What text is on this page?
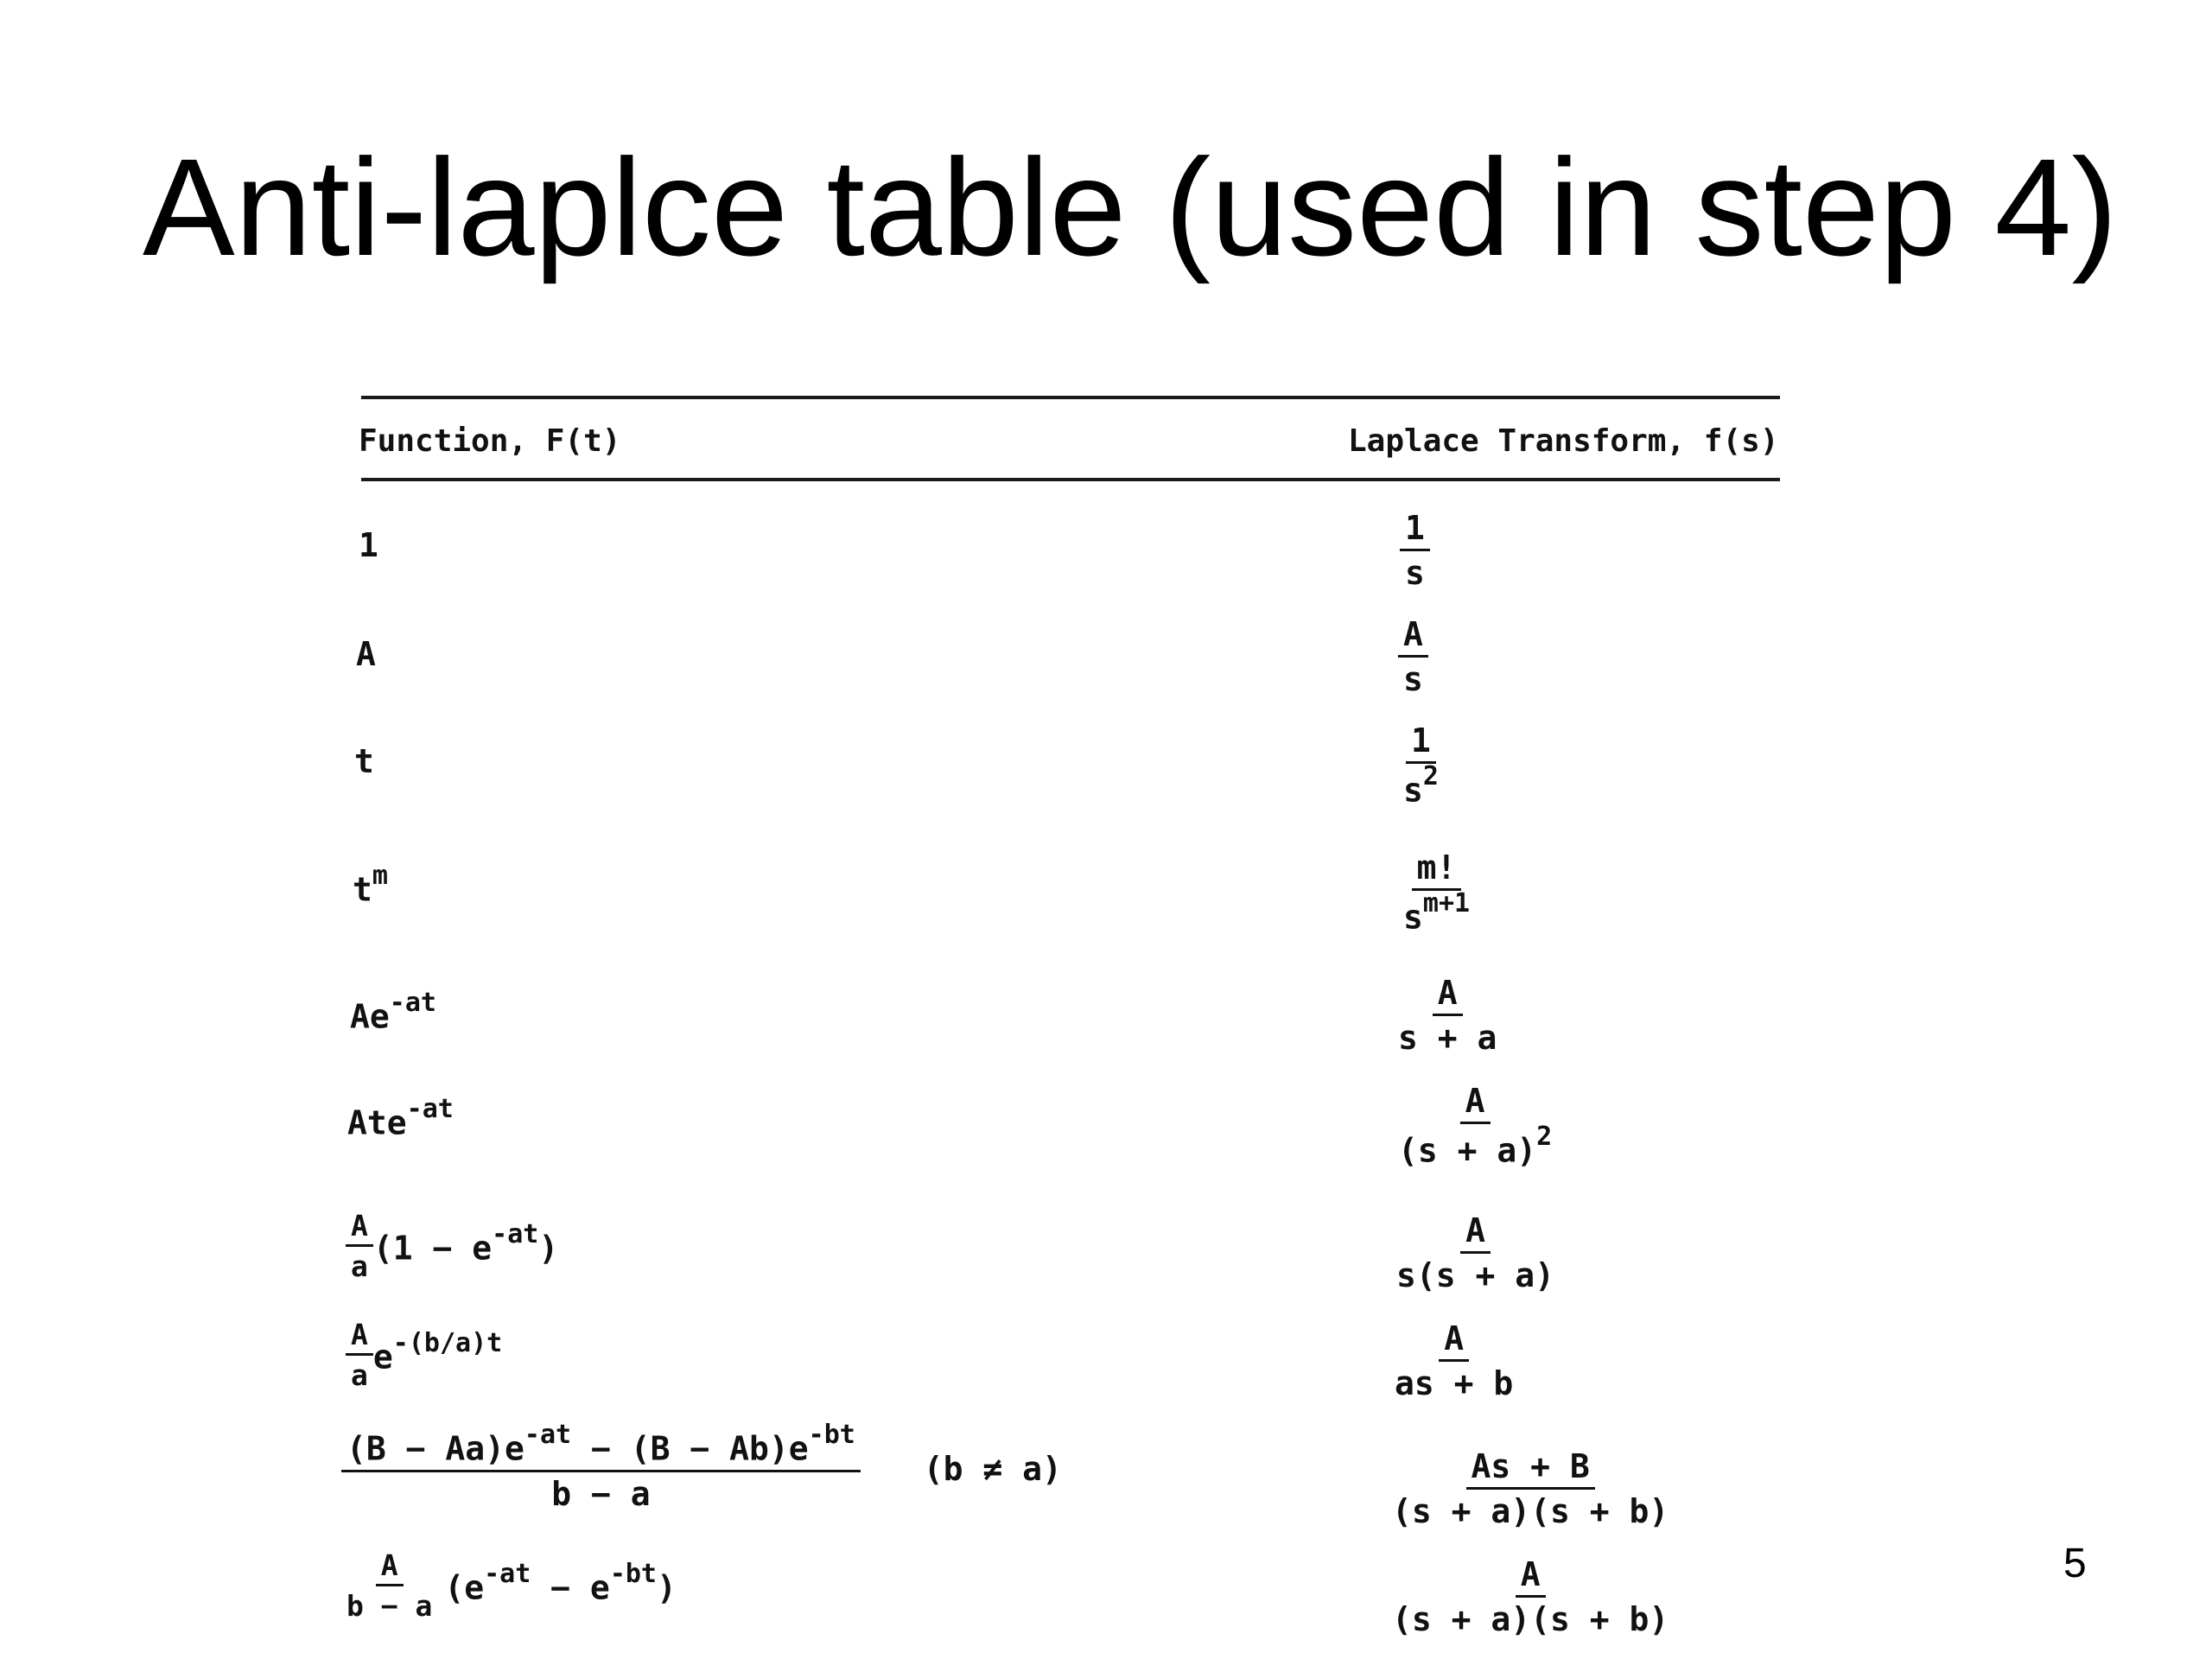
Anti-laplce table (used in step 4)
Function, F(t)	Laplace Transform, f(s)
1	$\frac{1}{s}$
A	$\frac{A}{s}$
t	$\frac{1}{s^2}$
$t^m$	$\frac{m!}{s^{m+1}}$
$Ae^{-at}$	$\frac{A}{s + a}$
Ate$^{-at}$	$\frac{A}{(s + a)^2}$
$\frac{A}{a} (1 - e^{-at})$	$\frac{A}{s(s + a)}$
$\frac{A}{a} e^{-(b/a)t}$	$\frac{A}{as + b}$
$\frac{(B - Aa)e^{-at} - (B - Ab)e^{-bt}}{b - a} (b \ne a)$	$\frac{As + B}{(s + a)(s + b)}$
$\frac{A}{b - a} (e^{-at} - e^{-bt})$	$\frac{A}{(s + a)(s + b)}$	5
